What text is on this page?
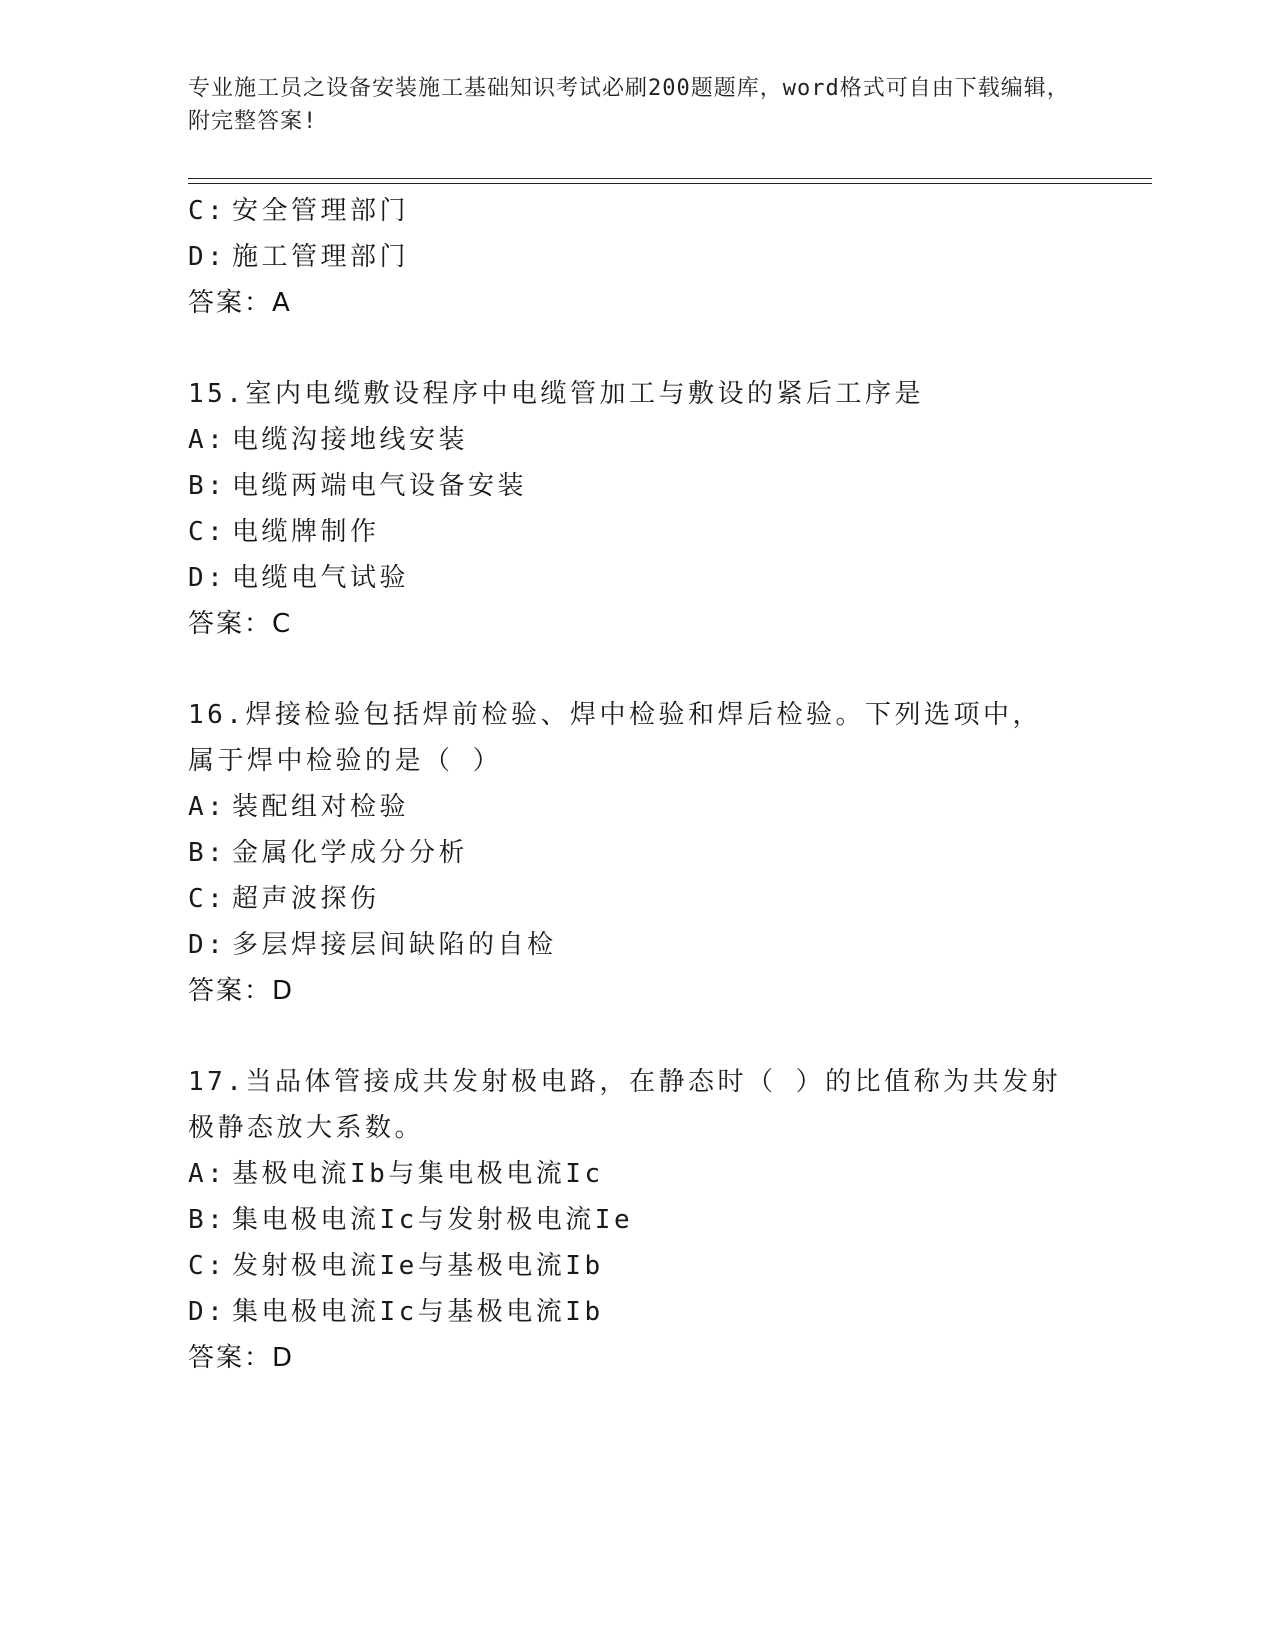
专业施工员之设备安装施工基础知识考试必刷200题题库，word格式可自由下载编辑，附完整答案!
C: 安全管理部门
D: 施工管理部门
答案：A
15.室内电缆敷设程序中电缆管加工与敷设的紧后工序是
A: 电缆沟接地线安装
B: 电缆两端电气设备安装
C: 电缆牌制作
D: 电缆电气试验
答案：C
16.焊接检验包括焊前检验、焊中检验和焊后检验。下列选项中，属于焊中检验的是（ ）
A: 装配组对检验
B: 金属化学成分分析
C: 超声波探伤
D: 多层焊接层间缺陷的自检
答案：D
17.当品体管接成共发射极电路，在静态时（ ）的比值称为共发射极静态放大系数。
A: 基极电流Ib与集电极电流Ic
B: 集电极电流Ic与发射极电流Ie
C: 发射极电流Ie与基极电流Ib
D: 集电极电流Ic与基极电流Ib
答案：D
